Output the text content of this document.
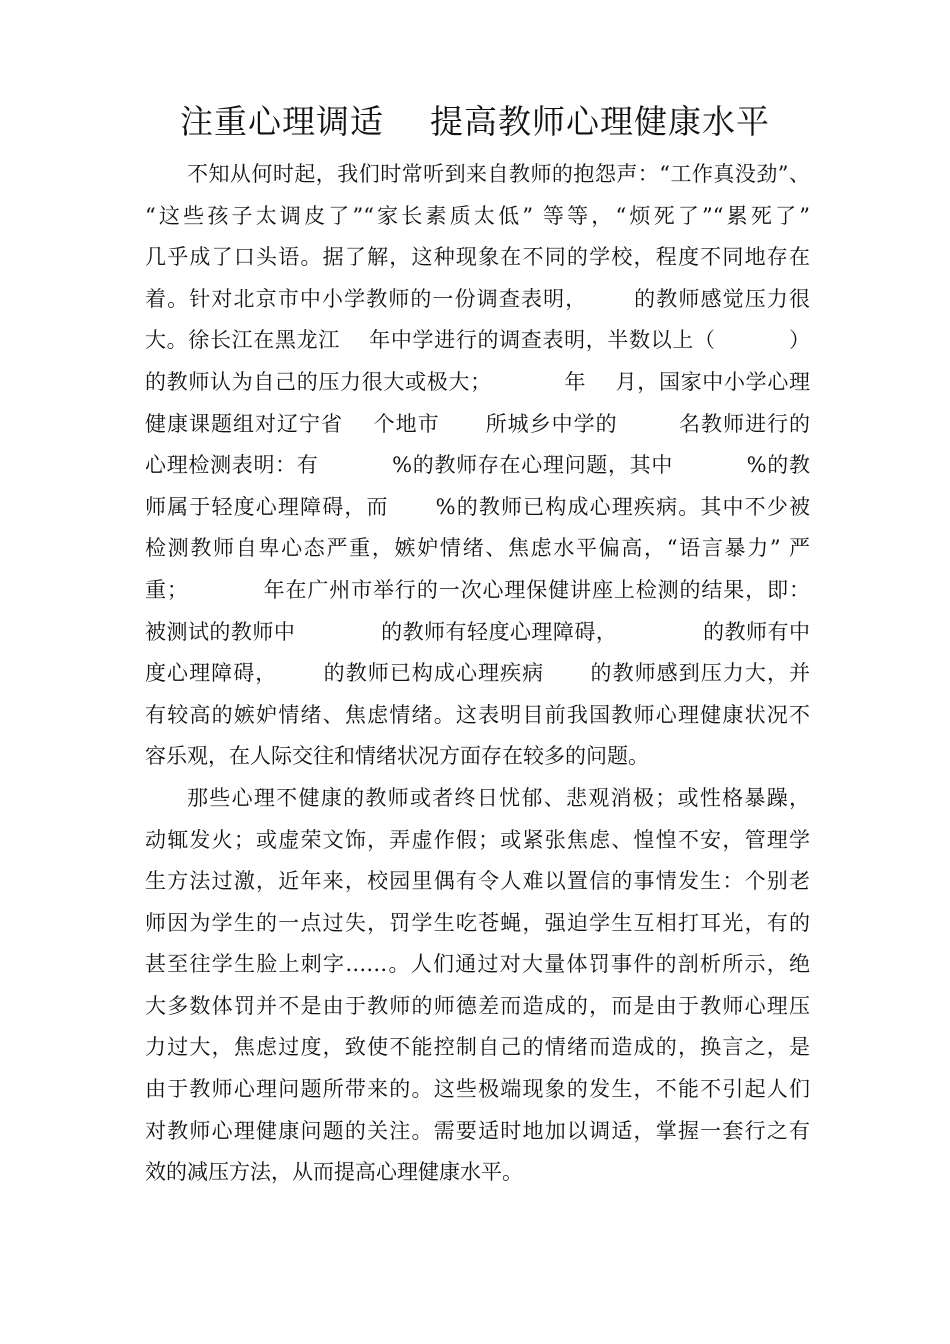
注重心理调适    提高教师心理健康水平
不知从何时起，我们时常听到来自教师的抱怨声：“工作真没劲”、
“这些孩子太调皮了”“家长素质太低” 等等，“烦死了”“累死了”
几乎成了口头语。据了解，这种现象在不同的学校，程度不同地存在
着。针对北京市中小学教师的一份调查表明，      的教师感觉压力很
大。徐长江在黑龙江    年中学进行的调查表明，半数以上（          ）
的教师认为自己的压力很大或极大；          年    月，国家中小学心理
健康课题组对辽宁省    个地市      所城乡中学的        名教师进行的
心理检测表明：有          %的教师存在心理问题，其中          %的教
师属于轻度心理障碍，而      %的教师已构成心理疾病。其中不少被
检测教师自卑心态严重，嫉妒情绪、焦虑水平偏高，“语言暴力” 严
重；          年在广州市举行的一次心理保健讲座上检测的结果，即：
被测试的教师中            的教师有轻度心理障碍，            的教师有中
度心理障碍，      的教师已构成心理疾病      的教师感到压力大，并
有较高的嫉妒情绪、焦虑情绪。这表明目前我国教师心理健康状况不
容乐观，在人际交往和情绪状况方面存在较多的问题。
那些心理不健康的教师或者终日忧郁、悲观消极；或性格暴躁，
动辄发火；或虚荣文饰，弄虚作假；或紧张焦虑、惶惶不安，管理学
生方法过激，近年来，校园里偶有令人难以置信的事情发生：个别老
师因为学生的一点过失，罚学生吃苍蝇，强迫学生互相打耳光，有的
甚至往学生脸上刺字……。人们通过对大量体罚事件的剖析所示，绝
大多数体罚并不是由于教师的师德差而造成的，而是由于教师心理压
力过大，焦虑过度，致使不能控制自己的情绪而造成的，换言之，是
由于教师心理问题所带来的。这些极端现象的发生，不能不引起人们
对教师心理健康问题的关注。需要适时地加以调适，掌握一套行之有
效的减压方法，从而提高心理健康水平。
